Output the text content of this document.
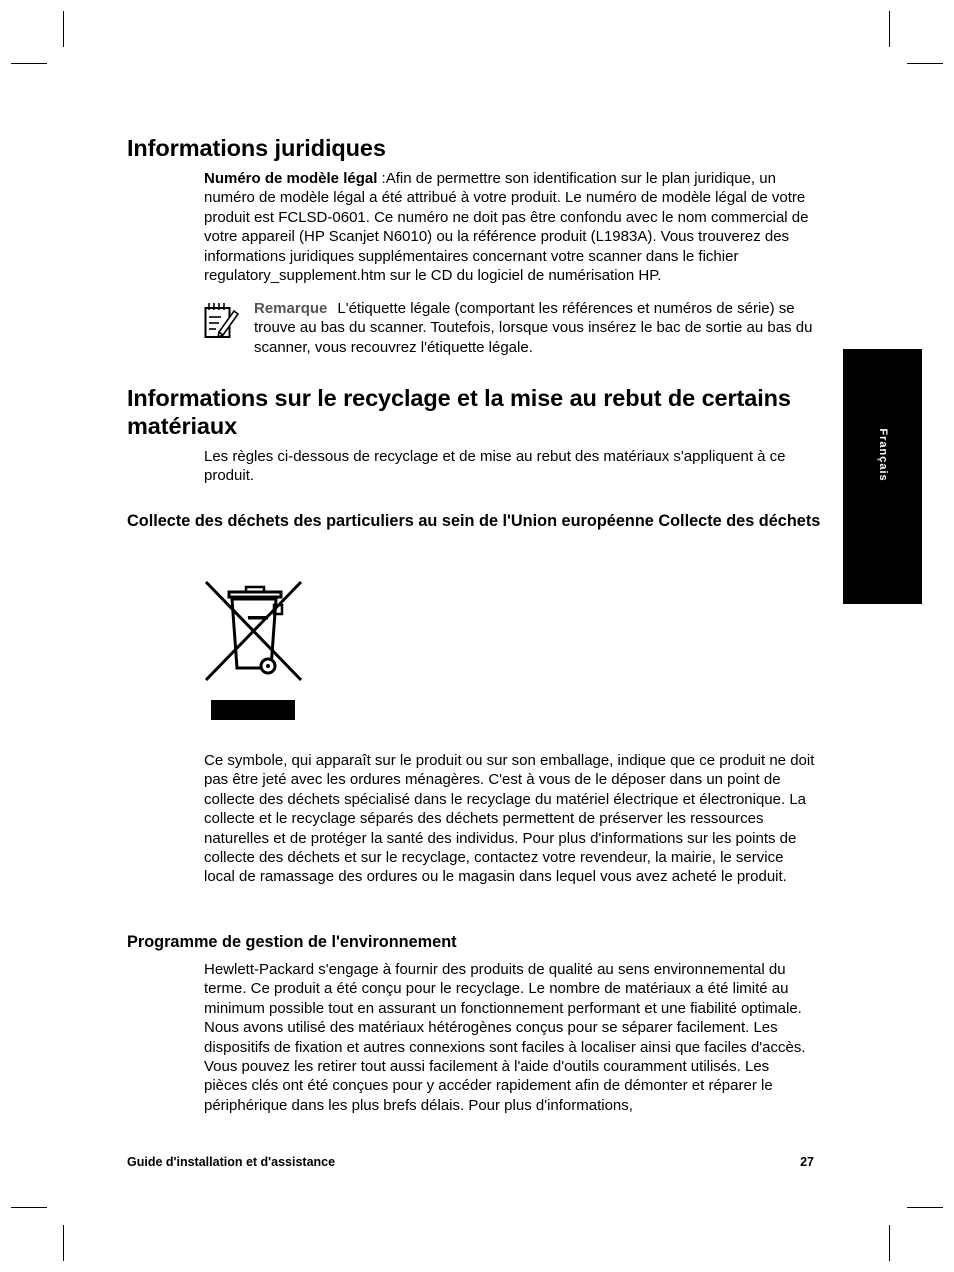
Informations juridiques

Numéro de modèle légal :Afin de permettre son identification sur le plan juridique, un numéro de modèle légal a été attribué à votre produit. Le numéro de modèle légal de votre produit est FCLSD-0601. Ce numéro ne doit pas être confondu avec le nom commercial de votre appareil (HP Scanjet N6010) ou la référence produit (L1983A). Vous trouverez des informations juridiques supplémentaires concernant votre scanner dans le fichier regulatory_supplement.htm sur le CD du logiciel de numérisation HP.

Remarque L'étiquette légale (comportant les références et numéros de série) se trouve au bas du scanner. Toutefois, lorsque vous insérez le bac de sortie au bas du scanner, vous recouvrez l'étiquette légale.

Français
Informations sur le recyclage et la mise au rebut de certains matériaux

Les règles ci-dessous de recyclage et de mise au rebut des matériaux s'appliquent à ce produit.

Collecte des déchets des particuliers au sein de l'Union européenne Collecte des déchets

Ce symbole, qui apparaît sur le produit ou sur son emballage, indique que ce produit ne doit pas être jeté avec les ordures ménagères. C'est à vous de le déposer dans un point de collecte des déchets spécialisé dans le recyclage du matériel électrique et électronique. La collecte et le recyclage séparés des déchets permettent de préserver les ressources naturelles et de protéger la santé des individus. Pour plus d'informations sur les points de collecte des déchets et sur le recyclage, contactez votre revendeur, la mairie, le service local de ramassage des ordures ou le magasin dans lequel vous avez acheté le produit.

Programme de gestion de l'environnement

Hewlett-Packard s'engage à fournir des produits de qualité au sens environnemental du terme. Ce produit a été conçu pour le recyclage. Le nombre de matériaux a été limité au minimum possible tout en assurant un fonctionnement performant et une fiabilité optimale. Nous avons utilisé des matériaux hétérogènes conçus pour se séparer facilement. Les dispositifs de fixation et autres connexions sont faciles à localiser ainsi que faciles d'accès. Vous pouvez les retirer tout aussi facilement à l'aide d'outils couramment utilisés. Les pièces clés ont été conçues pour y accéder rapidement afin de démonter et réparer le périphérique dans les plus brefs délais. Pour plus d'informations,

Guide d'installation et d'assistance	27
